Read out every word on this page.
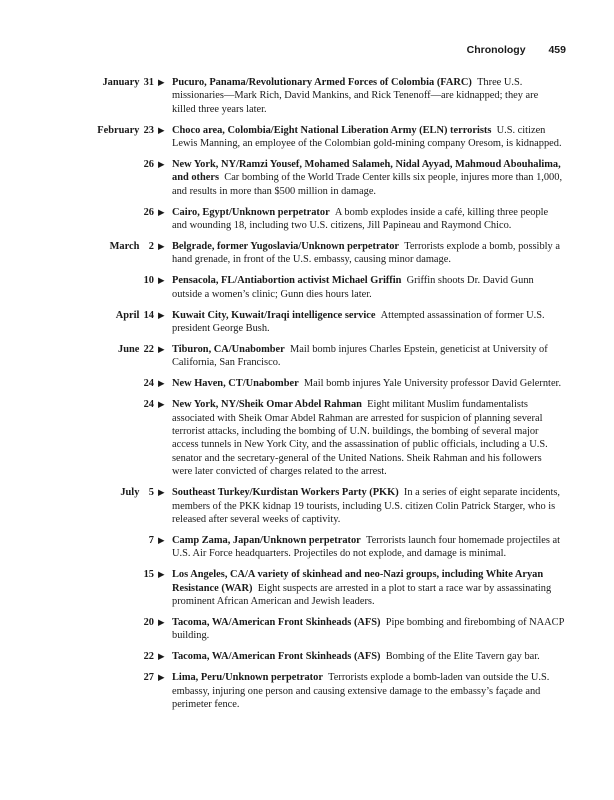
Chronology 459
January 31 ▶ Pucuro, Panama/Revolutionary Armed Forces of Colombia (FARC) Three U.S. missionaries—Mark Rich, David Mankins, and Rick Tenenoff—are kidnapped; they are killed three years later.
February 23 ▶ Choco area, Colombia/Eight National Liberation Army (ELN) terrorists U.S. citizen Lewis Manning, an employee of the Colombian gold-mining company Oresom, is kidnapped.
26 ▶ New York, NY/Ramzi Yousef, Mohamed Salameh, Nidal Ayyad, Mahmoud Abouhalima, and others Car bombing of the World Trade Center kills six people, injures more than 1,000, and results in more than $500 million in damage.
26 ▶ Cairo, Egypt/Unknown perpetrator A bomb explodes inside a café, killing three people and wounding 18, including two U.S. citizens, Jill Papineau and Raymond Chico.
March 2 ▶ Belgrade, former Yugoslavia/Unknown perpetrator Terrorists explode a bomb, possibly a hand grenade, in front of the U.S. embassy, causing minor damage.
10 ▶ Pensacola, FL/Antiabortion activist Michael Griffin Griffin shoots Dr. David Gunn outside a women’s clinic; Gunn dies hours later.
April 14 ▶ Kuwait City, Kuwait/Iraqi intelligence service Attempted assassination of former U.S. president George Bush.
June 22 ▶ Tiburon, CA/Unabomber Mail bomb injures Charles Epstein, geneticist at University of California, San Francisco.
24 ▶ New Haven, CT/Unabomber Mail bomb injures Yale University professor David Gelernter.
24 ▶ New York, NY/Sheik Omar Abdel Rahman Eight militant Muslim fundamentalists associated with Sheik Omar Abdel Rahman are arrested for suspicion of planning several terrorist attacks, including the bombing of U.N. buildings, the bombing of several major access tunnels in New York City, and the assassination of public officials, including a U.S. senator and the secretary-general of the United Nations. Sheik Rahman and his followers were later convicted of charges related to the arrest.
July 5 ▶ Southeast Turkey/Kurdistan Workers Party (PKK) In a series of eight separate incidents, members of the PKK kidnap 19 tourists, including U.S. citizen Colin Patrick Starger, who is released after several weeks of captivity.
7 ▶ Camp Zama, Japan/Unknown perpetrator Terrorists launch four homemade projectiles at U.S. Air Force headquarters. Projectiles do not explode, and damage is minimal.
15 ▶ Los Angeles, CA/A variety of skinhead and neo-Nazi groups, including White Aryan Resistance (WAR) Eight suspects are arrested in a plot to start a race war by assassinating prominent African American and Jewish leaders.
20 ▶ Tacoma, WA/American Front Skinheads (AFS) Pipe bombing and firebombing of NAACP building.
22 ▶ Tacoma, WA/American Front Skinheads (AFS) Bombing of the Elite Tavern gay bar.
27 ▶ Lima, Peru/Unknown perpetrator Terrorists explode a bomb-laden van outside the U.S. embassy, injuring one person and causing extensive damage to the embassy’s façade and perimeter fence.
